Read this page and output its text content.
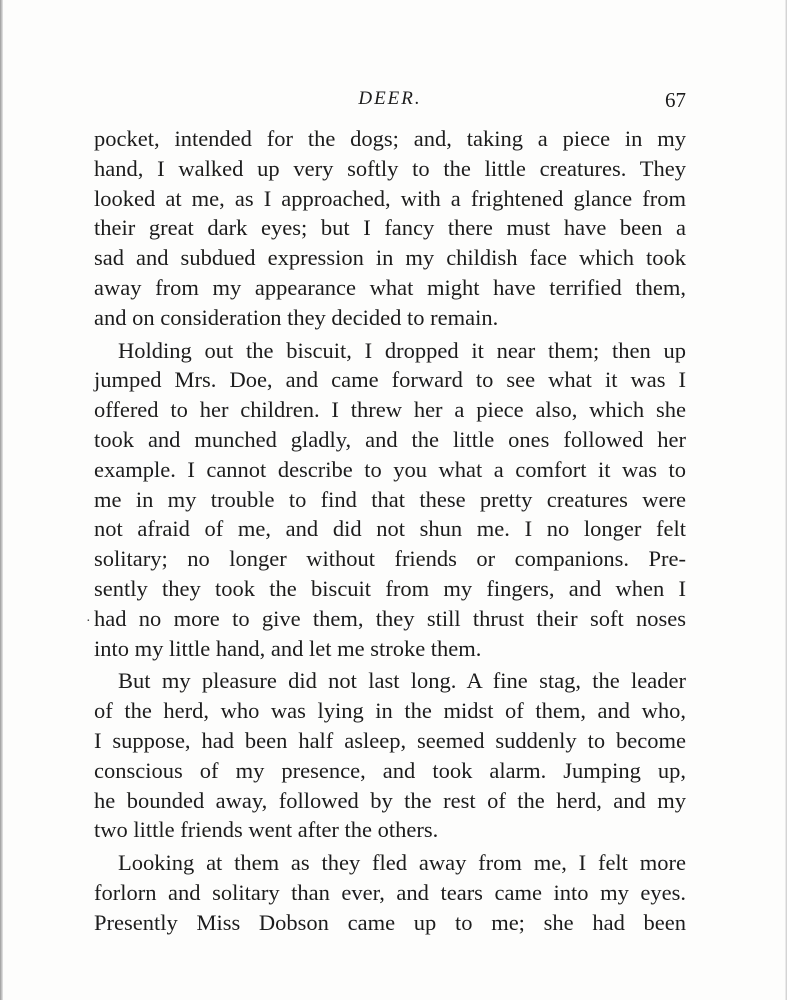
DEER.	67
·
pocket, intended for the dogs; and, taking a piece in my
hand, I walked up very softly to the little creatures. They
looked at me, as I approached, with a frightened glance from
their great dark eyes; but I fancy there must have been a
sad and subdued expression in my childish face which took
away from my appearance what might have terrified them,
and on consideration they decided to remain.
Holding out the biscuit, I dropped it near them; then up
jumped Mrs. Doe, and came forward to see what it was I
offered to her children. I threw her a piece also, which she
took and munched gladly, and the little ones followed her
example. I cannot describe to you what a comfort it was to
me in my trouble to find that these pretty creatures were
not afraid of me, and did not shun me. I no longer felt
solitary; no longer without friends or companions. Pre-
sently they took the biscuit from my fingers, and when I
had no more to give them, they still thrust their soft noses
into my little hand, and let me stroke them.
But my pleasure did not last long. A fine stag, the leader
of the herd, who was lying in the midst of them, and who,
I suppose, had been half asleep, seemed suddenly to become
conscious of my presence, and took alarm. Jumping up,
he bounded away, followed by the rest of the herd, and my
two little friends went after the others.
Looking at them as they fled away from me, I felt more
forlorn and solitary than ever, and tears came into my eyes.
Presently Miss Dobson came up to me; she had been
